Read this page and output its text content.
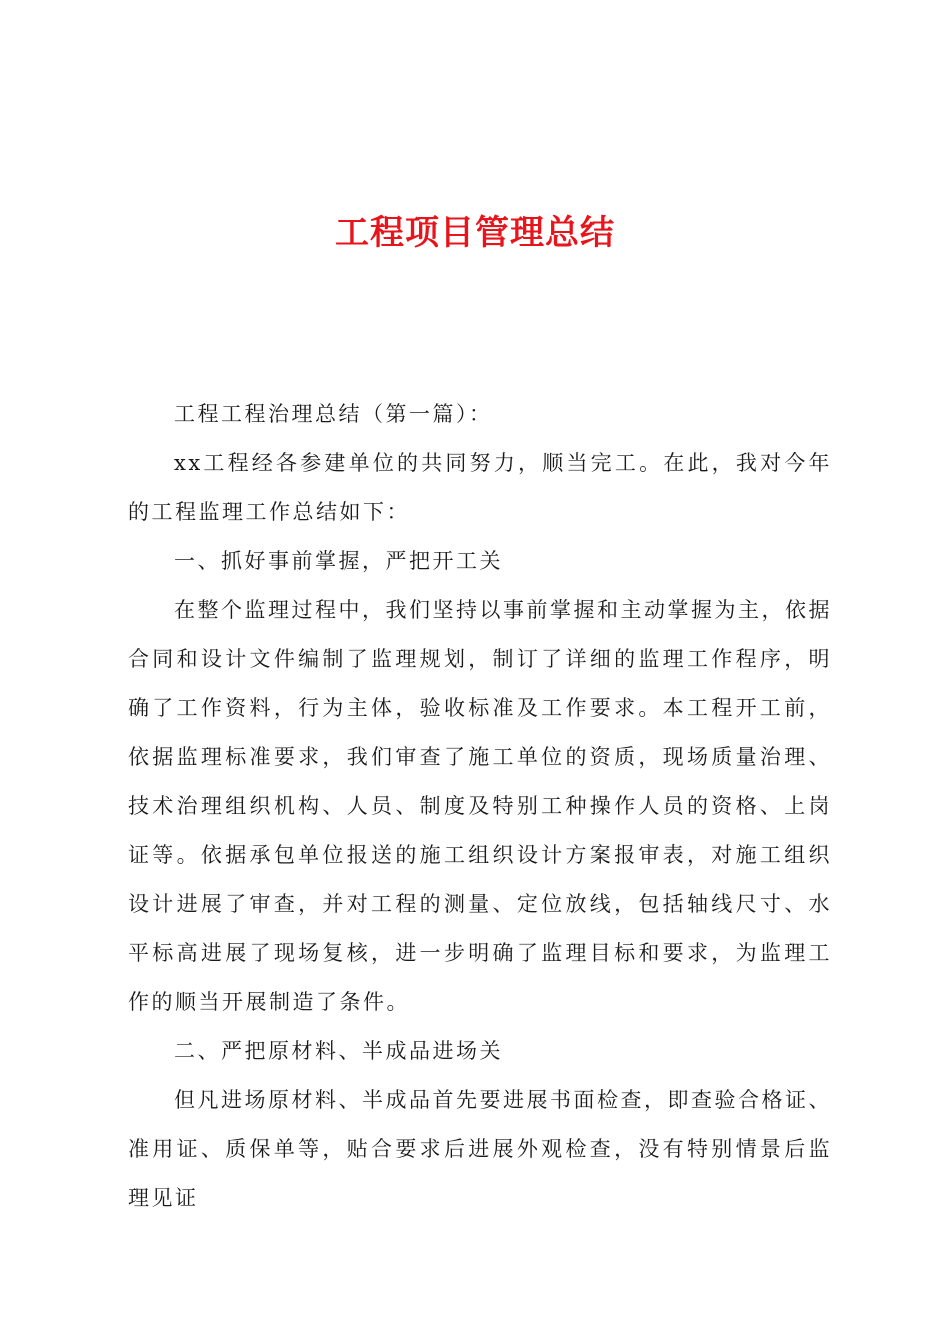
工程项目管理总结

工程工程治理总结（第一篇）：

xx工程经各参建单位的共同努力，顺当完工。在此，我对今年的工程监理工作总结如下：

一、抓好事前掌握，严把开工关

在整个监理过程中，我们坚持以事前掌握和主动掌握为主，依据合同和设计文件编制了监理规划，制订了详细的监理工作程序，明确了工作资料，行为主体，验收标准及工作要求。本工程开工前，依据监理标准要求，我们审查了施工单位的资质，现场质量治理、技术治理组织机构、人员、制度及特别工种操作人员的资格、上岗证等。依据承包单位报送的施工组织设计方案报审表，对施工组织设计进展了审查，并对工程的测量、定位放线，包括轴线尺寸、水平标高进展了现场复核，进一步明确了监理目标和要求，为监理工作的顺当开展制造了条件。

二、严把原材料、半成品进场关

但凡进场原材料、半成品首先要进展书面检查，即查验合格证、准用证、质保单等，贴合要求后进展外观检查，没有特别情景后监理见证
